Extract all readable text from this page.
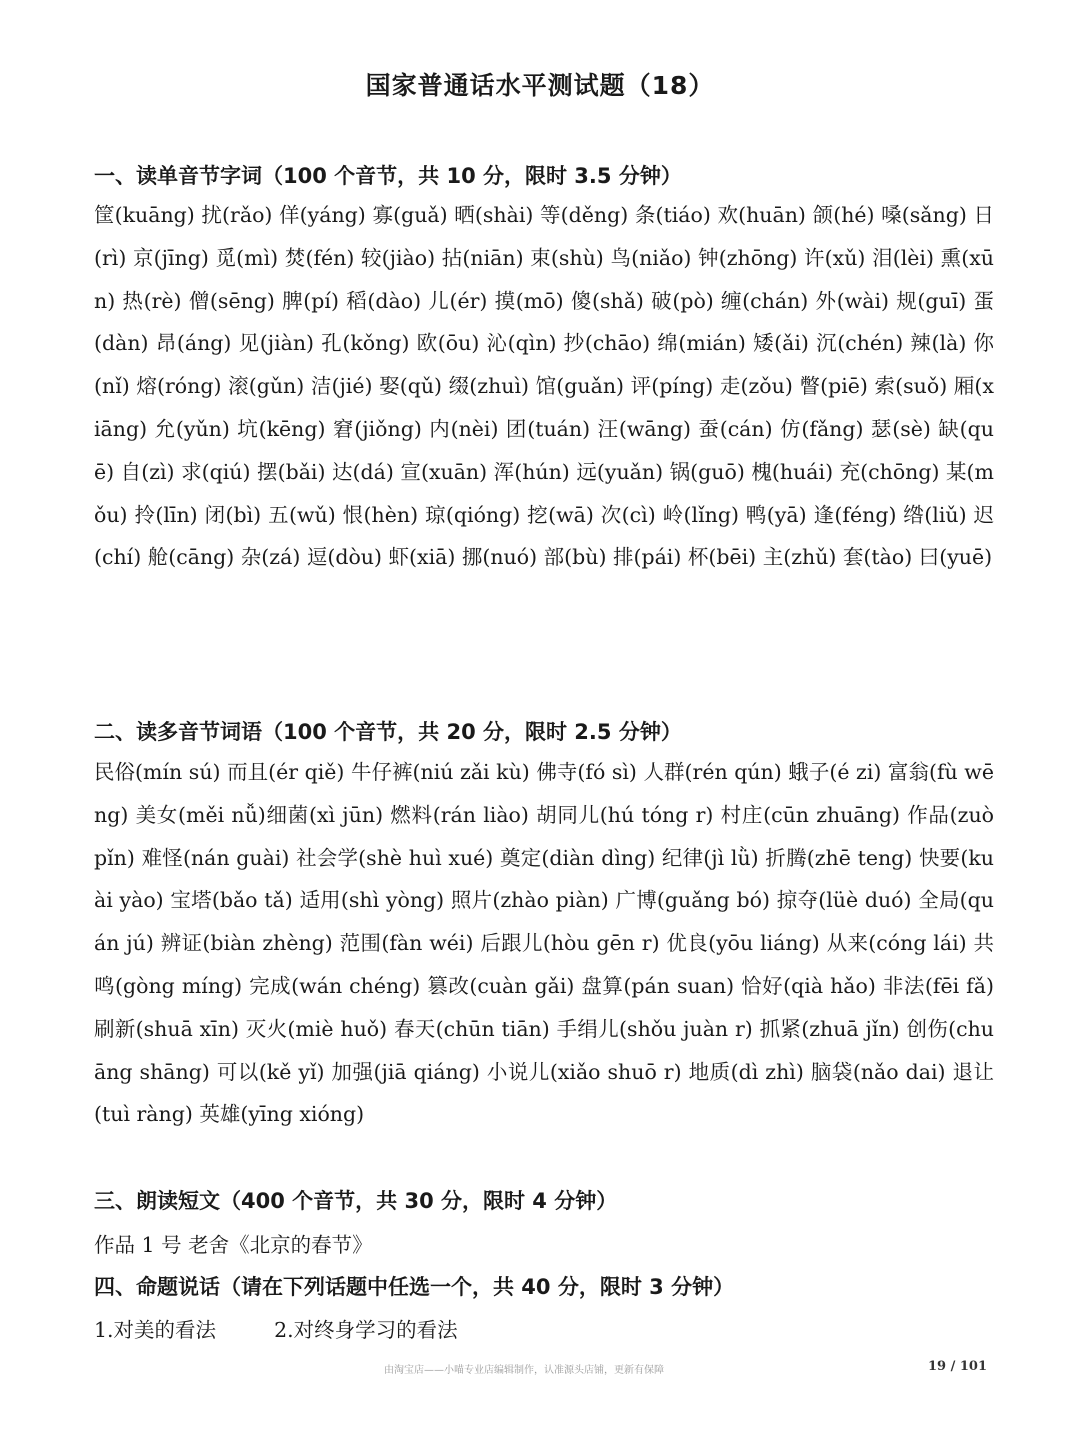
国家普通话水平测试题（18）
一、读单音节字词（100 个音节，共 10 分，限时 3.5 分钟）
筐(kuāng) 扰(rǎo) 佯(yáng) 寡(guǎ) 晒(shài) 等(děng) 条(tiáo) 欢(huān) 颌(hé) 嗓(sǎng) 日(rì) 京(jīng) 觅(mì) 焚(fén) 较(jiào) 拈(niān) 束(shù) 鸟(niǎo) 钟(zhōng) 许(xǔ) 泪(lèi) 熏(xūn) 热(rè) 僧(sēng) 脾(pí) 稻(dào) 儿(ér) 摸(mō) 傻(shǎ) 破(pò) 缠(chán) 外(wài) 规(guī) 蛋(dàn) 昂(áng) 见(jiàn) 孔(kǒng) 欧(ōu) 沁(qìn) 抄(chāo) 绵(mián) 矮(ǎi) 沉(chén) 辣(là) 你(nǐ) 熔(róng) 滚(gǔn) 洁(jié) 娶(qǔ) 缀(zhuì) 馆(guǎn) 评(píng) 走(zǒu) 瞥(piē) 索(suǒ) 厢(xiāng) 允(yǔn) 坑(kēng) 窘(jiǒng) 内(nèi) 团(tuán) 汪(wāng) 蚕(cán) 仿(fǎng) 瑟(sè) 缺(quē) 自(zì) 求(qiú) 摆(bǎi) 达(dá) 宣(xuān) 浑(hún) 远(yuǎn) 锅(guō) 槐(huái) 充(chōng) 某(mǒu) 拎(līn) 闭(bì) 五(wǔ) 恨(hèn) 琼(qióng) 挖(wā) 次(cì) 岭(lǐng) 鸭(yā) 逢(féng) 绺(liǔ) 迟(chí) 舱(cāng) 杂(zá) 逗(dòu) 虾(xiā) 挪(nuó) 部(bù) 排(pái) 杯(bēi) 主(zhǔ) 套(tào) 曰(yuē)
二、读多音节词语（100 个音节，共 20 分，限时 2.5 分钟）
民俗(mín sú) 而且(ér qiě) 牛仔裤(niú zǎi kù) 佛寺(fó sì) 人群(rén qún) 蛾子(é zi) 富翁(fù wēng) 美女(měi nǚ)细菌(xì jūn) 燃料(rán liào) 胡同儿(hú tóng r) 村庄(cūn zhuāng) 作品(zuò pǐn) 难怪(nán guài) 社会学(shè huì xué) 奠定(diàn dìng) 纪律(jì lǜ) 折腾(zhē teng) 快要(kuài yào) 宝塔(bǎo tǎ) 适用(shì yòng) 照片(zhào piàn) 广博(guǎng bó) 掠夺(lüè duó) 全局(quán jú) 辨证(biàn zhèng) 范围(fàn wéi) 后跟儿(hòu gēn r) 优良(yōu liáng) 从来(cóng lái) 共鸣(gòng míng) 完成(wán chéng) 篡改(cuàn gǎi) 盘算(pán suan) 恰好(qià hǎo) 非法(fēi fǎ) 刷新(shuā xīn) 灭火(miè huǒ) 春天(chūn tiān) 手绢儿(shǒu juàn r) 抓紧(zhuā jǐn) 创伤(chuāng shāng) 可以(kě yǐ) 加强(jiā qiáng) 小说儿(xiǎo shuō r) 地质(dì zhì) 脑袋(nǎo dai) 退让(tuì ràng) 英雄(yīng xióng)
三、朗读短文（400 个音节，共 30 分，限时 4 分钟）
作品 1 号 老舍《北京的春节》
四、命题说话（请在下列话题中任选一个，共 40 分，限时 3 分钟）
1.对美的看法	2.对终身学习的看法
由淘宝店——小喵专业店编辑制作，认准源头店铺，更新有保障	19 / 101
